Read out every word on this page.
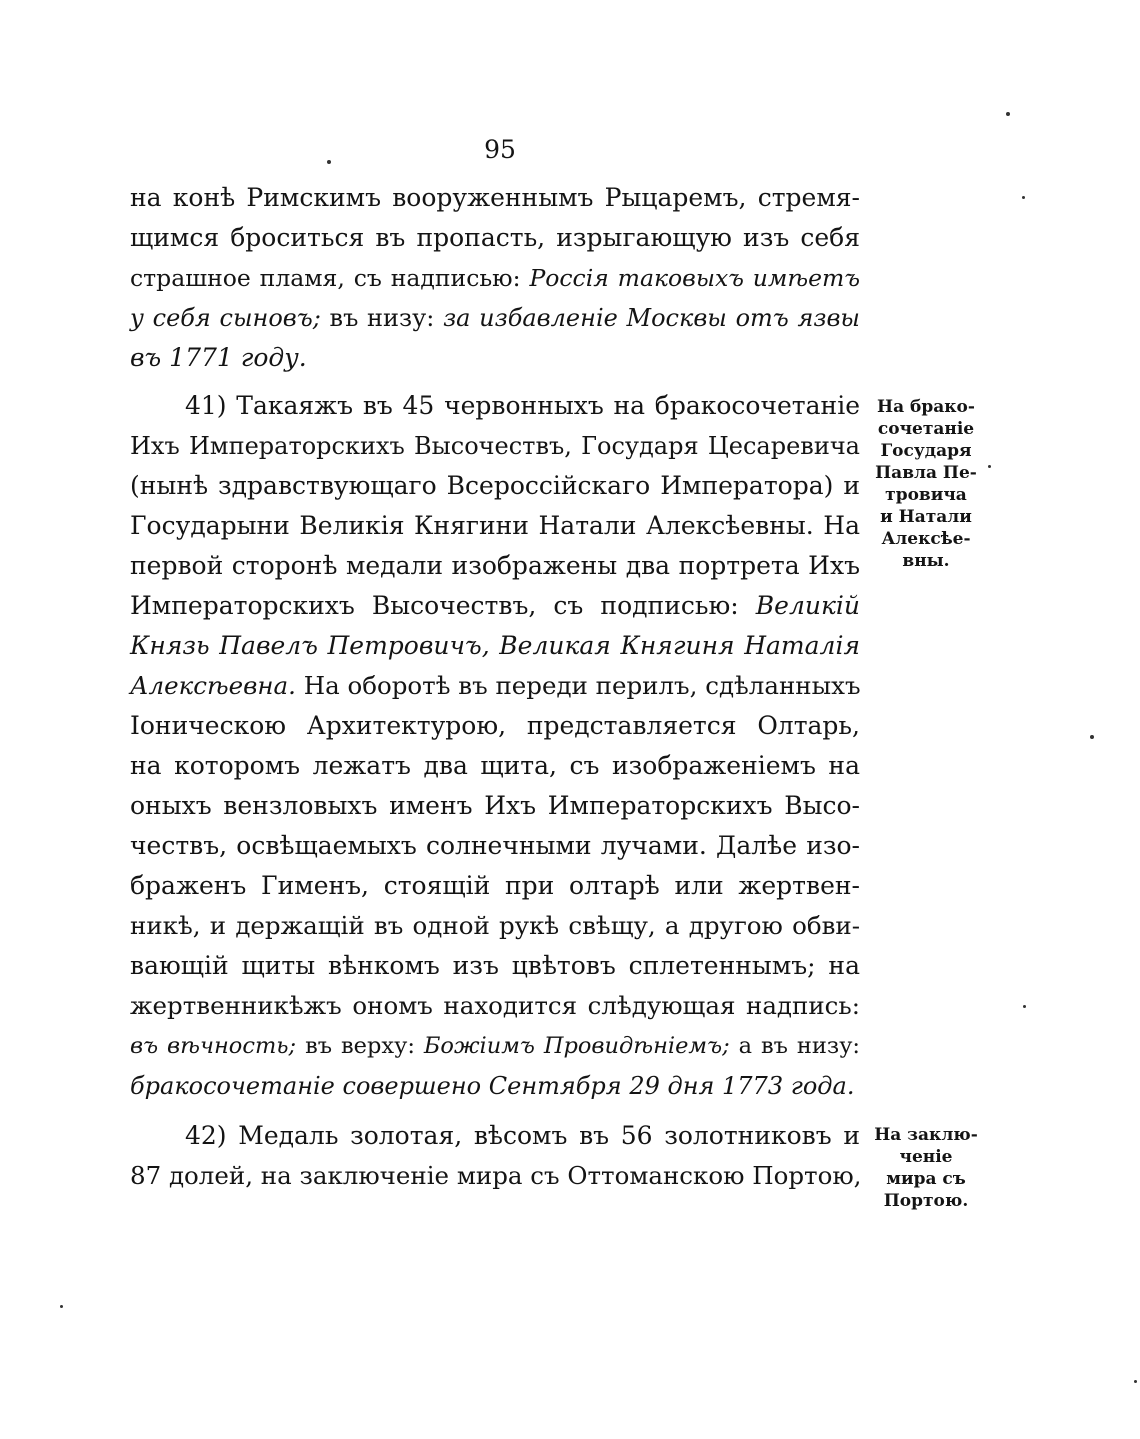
95
на конѣ Римскимъ вооруженнымъ Рыцаремъ, стремя-
щимся броситься въ пропасть, изрыгающую изъ себя
страшное пламя, съ надписью: Россія таковыхъ имѣетъ
у себя сыновъ; въ низу: за избавленіе Москвы отъ язвы
въ 1771 году.
41) Такаяжъ въ 45 червонныхъ на бракосочетаніе
Ихъ Императорскихъ Высочествъ, Государя Цесаревича
(нынѣ здравствующаго Всероссійскаго Императора) и
Государыни Великія Княгини Натали Алексѣевны. На
первой сторонѣ медали изображены два портрета Ихъ
Императорскихъ Высочествъ, съ подписью: Великій
Князь Павелъ Петровичъ, Великая Княгиня Наталія
Алексѣевна. На оборотѣ въ переди перилъ, сдѣланныхъ
Іоническою Архитектурою, представляется Олтарь,
на которомъ лежатъ два щита, съ изображеніемъ на
оныхъ вензловыхъ именъ Ихъ Императорскихъ Высо-
чествъ, освѣщаемыхъ солнечными лучами. Далѣе изо-
браженъ Гименъ, стоящій при олтарѣ или жертвен-
никѣ, и держащій въ одной рукѣ свѣщу, а другою обви-
вающій щиты вѣнкомъ изъ цвѣтовъ сплетеннымъ; на
жертвенникѣжъ ономъ находится слѣдующая надпись:
въ вѣчность; въ верху: Божіимъ Провидѣніемъ; а въ низу:
бракосочетаніе совершено Сентября 29 дня 1773 года.
42) Медаль золотая, вѣсомъ въ 56 золотниковъ и
87 долей, на заключеніе мира съ Оттоманскою Портою,
На брако-
сочетаніе
Государя
Павла Пе-
тровича
и Натали
Алексѣе-
вны.
На заклю-
ченіе
мира съ
Портою.
